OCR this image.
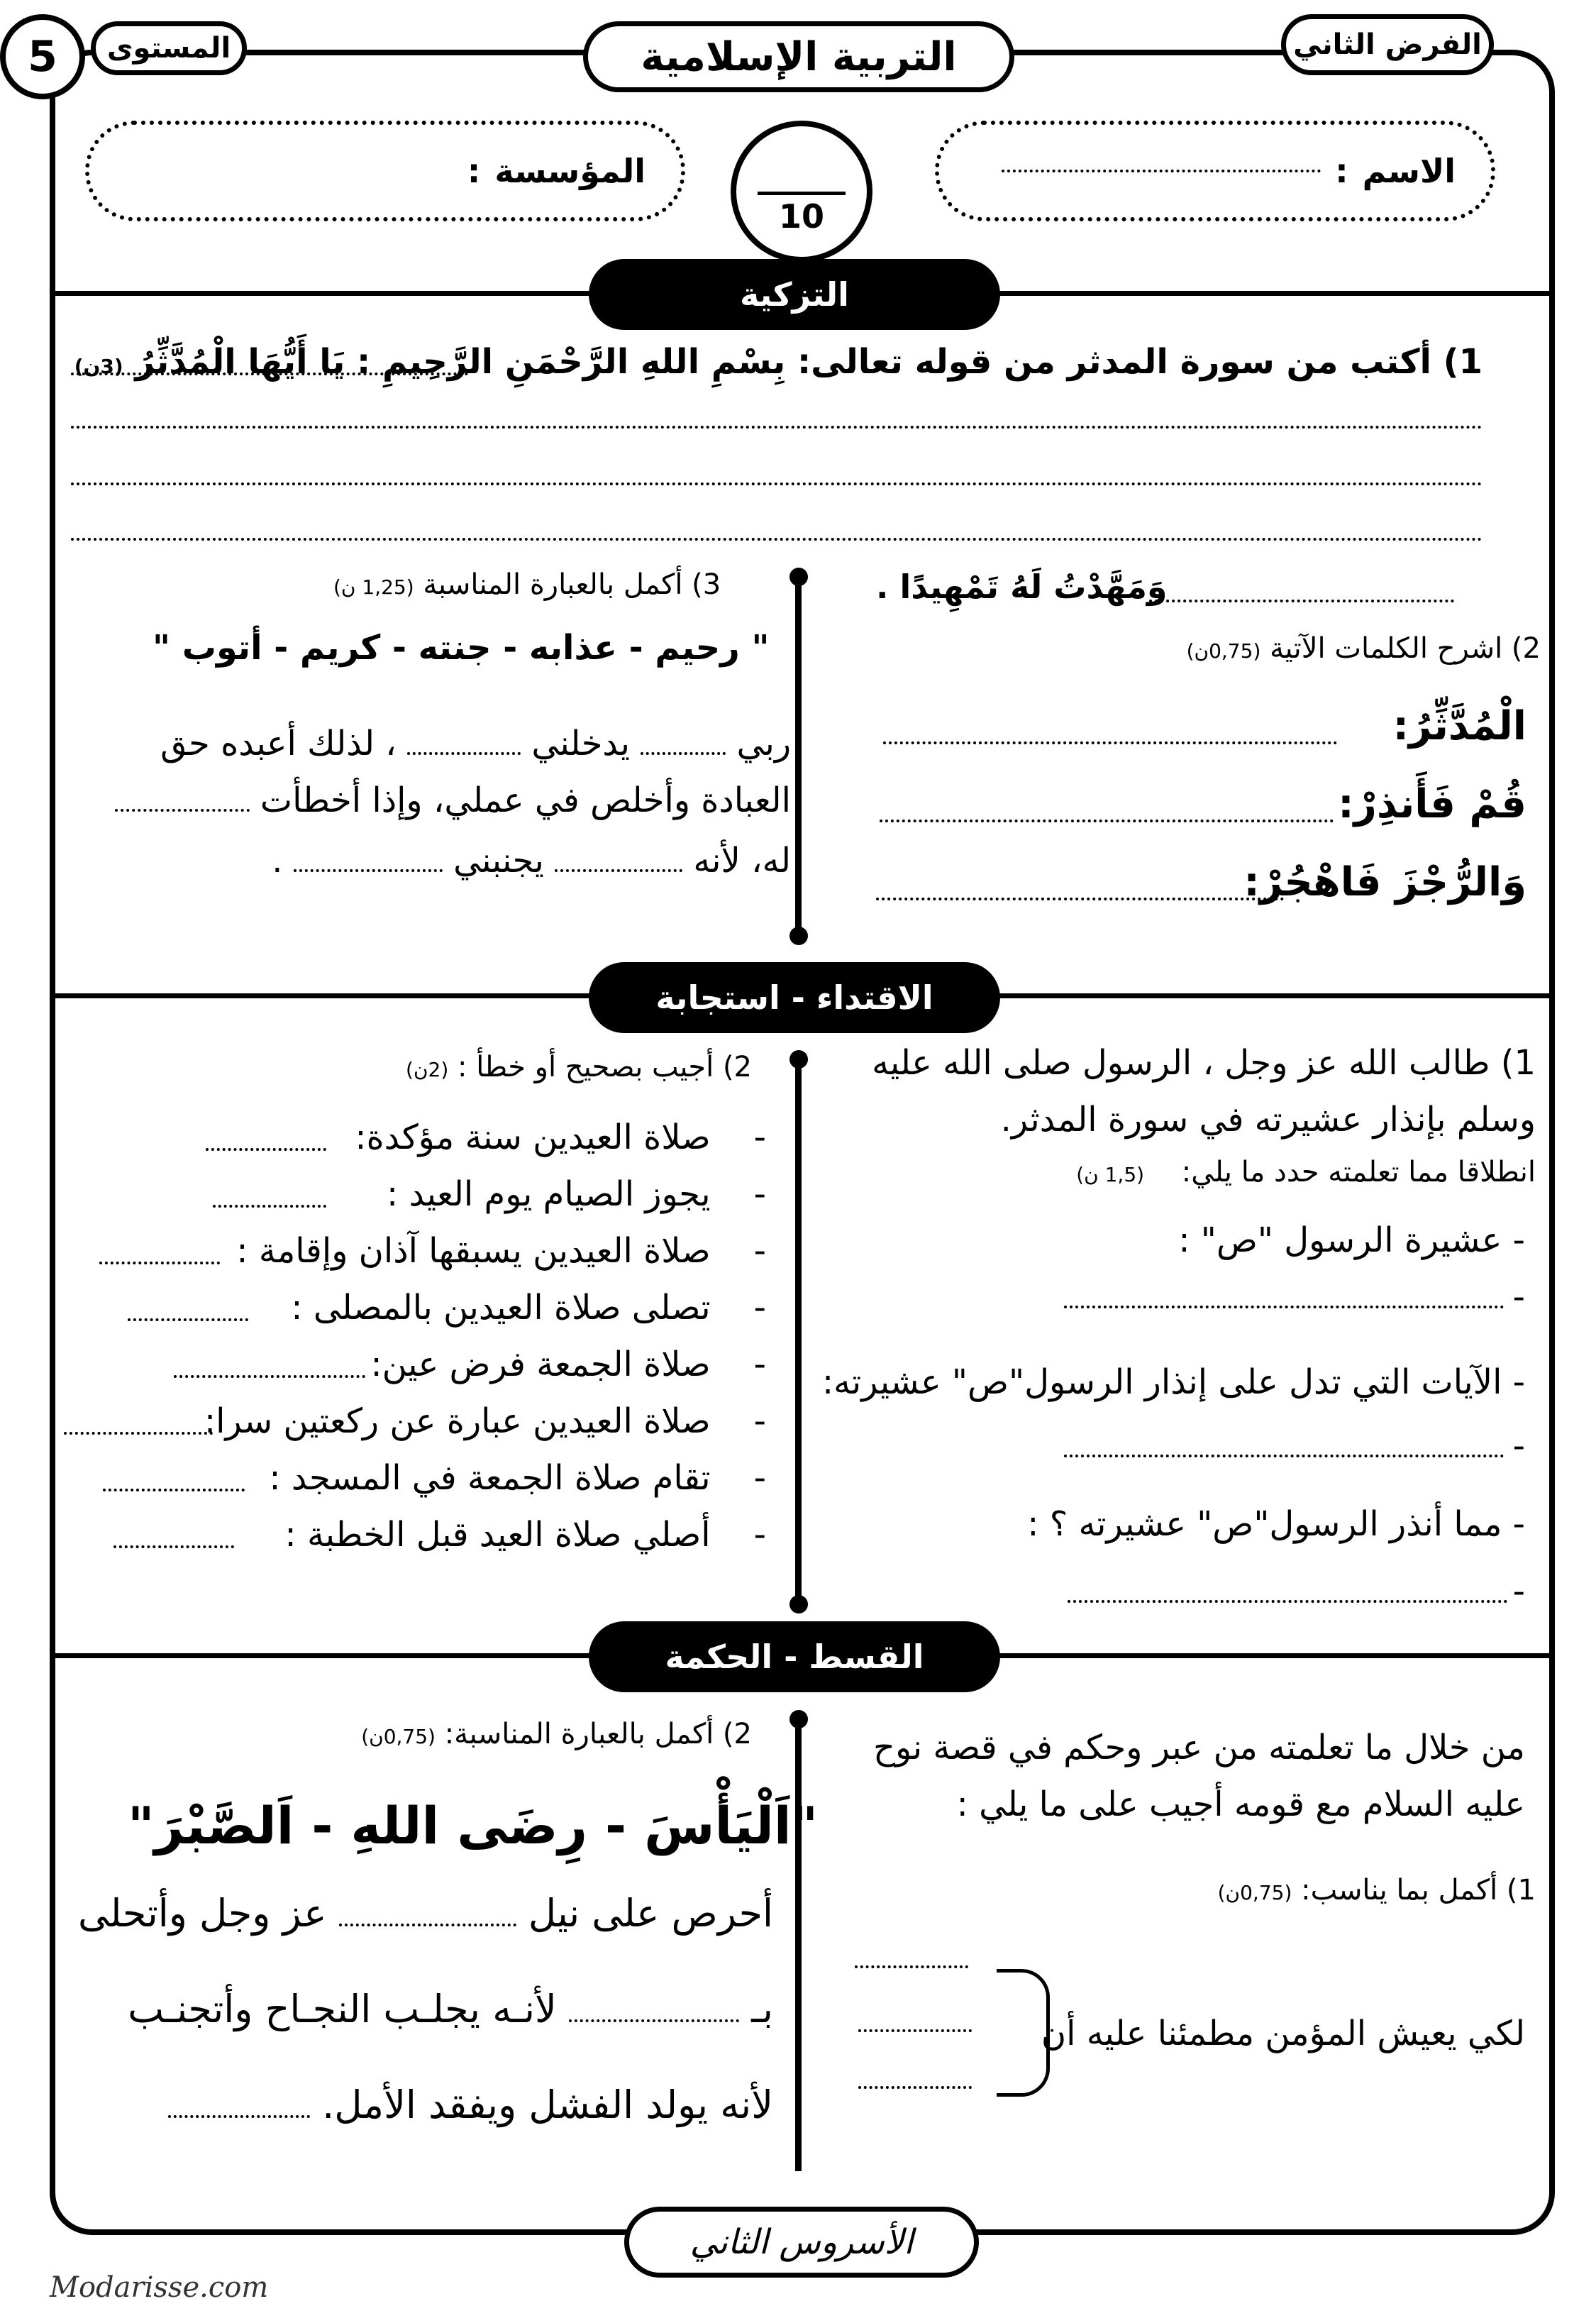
5	المستوى	التربية الإسلامية	الفرض الثاني
الاسم
:
المؤسسة
:
10
التزكية
1) أكتب من سورة المدثر من قوله تعالى: بِسْمِ اللهِ الرَّحْمَنِ الرَّحِيمِ : يَا أَيُّهَا الْمُدَّثِّرُ (3ن)
وَمَهَّدْتُ لَهُ تَمْهِيدًا .
2) اشرح الكلمات الآتية (0,75ن)
الْمُدَّثِّرُ:
قُمْ فَأَنذِرْ:
وَالرُّجْزَ فَاهْجُرْ:
3) أكمل بالعبارة المناسبة (1,25 ن)
" رحيم - عذابه - جنته - كريم - أتوب "
ربي  يدخلني  ، لذلك أعبده حق
العبادة وأخلص في عملي، وإذا أخطأت
له، لأنه  يجنبني  .
الاقتداء - استجابة
1) طالب الله عز وجل ، الرسول صلى الله عليه
وسلم بإنذار عشيرته في سورة المدثر.
انطلاقا مما تعلمته حدد ما يلي: (1,5 ن)
- عشيرة الرسول "ص" :
-
- الآيات التي تدل على إنذار الرسول"ص" عشيرته:
-
- مما أنذر الرسول"ص" عشيرته ؟ :
-
2) أجيب بصحيح أو خطأ : (2ن)
-    صلاة العيدين سنة مؤكدة:
-    يجوز الصيام يوم العيد :
-    صلاة العيدين يسبقها آذان وإقامة :
-    تصلى صلاة العيدين بالمصلى :
-    صلاة الجمعة فرض عين:
-    صلاة العيدين عبارة عن ركعتين سرا:
-    تقام صلاة الجمعة في المسجد :
-    أصلي صلاة العيد قبل الخطبة :
القسط - الحكمة
من خلال ما تعلمته من عبر وحكم في قصة نوح
عليه السلام مع قومه أجيب على ما يلي :
1) أكمل بما يناسب: (0,75ن)
لكي يعيش المؤمن مطمئنا عليه أن
2) أكمل بالعبارة المناسبة: (0,75ن)
"اَلْيَأْسَ - رِضَى اللهِ - اَلصَّبْرَ"
أحرص على نيل  عز وجل وأتحلى
بـ  لأنـه يجلـب النجـاح وأتجنـب
لأنه يولد الفشل ويفقد الأمل.
الأسروس الثاني
Modarisse.com
